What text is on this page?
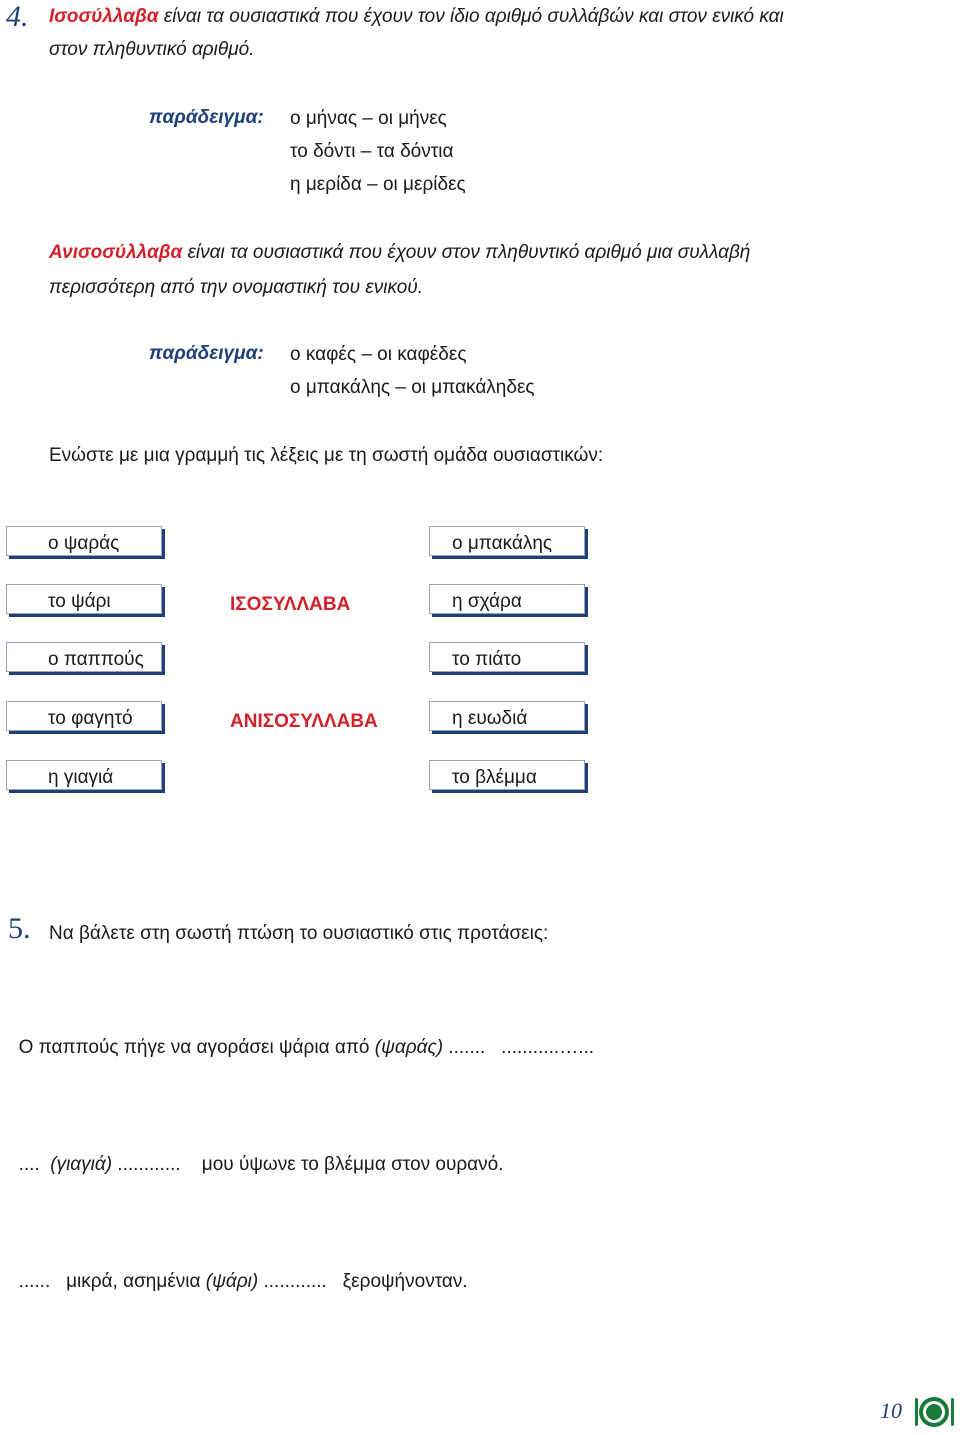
4. Ισοσύλλαβα είναι τα ουσιαστικά που έχουν τον ίδιο αριθμό συλλάβών και στον ενικό και
στον πληθυντικό αριθμό.
παράδειγμα: ο μήνας – οι μήνες
το δόντι – τα δόντια
η μερίδα – οι μερίδες
Ανισοσύλλαβα είναι τα ουσιαστικά που έχουν στον πληθυντικό αριθμό μια συλλαβή
περισσότερη από την ονομαστική του ενικού.
παράδειγμα: ο καφές – οι καφέδες
ο μπακάλης – οι μπακάληδες
Ενώστε με μια γραμμή τις λέξεις με τη σωστή ομάδα ουσιαστικών:
ο ψαράς
το ψάρι
ο παππούς
το φαγητό
η γιαγιά
ΙΣΟΣΥΛΛΑΒΑ
ΑΝΙΣΟΣΥΛΛΑΒΑ
ο μπακάλης
η σχάρα
το πιάτο
η ευωδιά
το βλέμμα
5. Να βάλετε στη σωστή πτώση το ουσιαστικό στις προτάσεις:

Ο παππούς πήγε να αγοράσει ψάρια από (ψαράς) .......   ...........…...

....  (γιαγιά) ............    μου ύψωνε το βλέμμα στον ουρανό.

......   μικρά, ασημένια (ψάρι) ............   ξεροψήνονταν.

10
